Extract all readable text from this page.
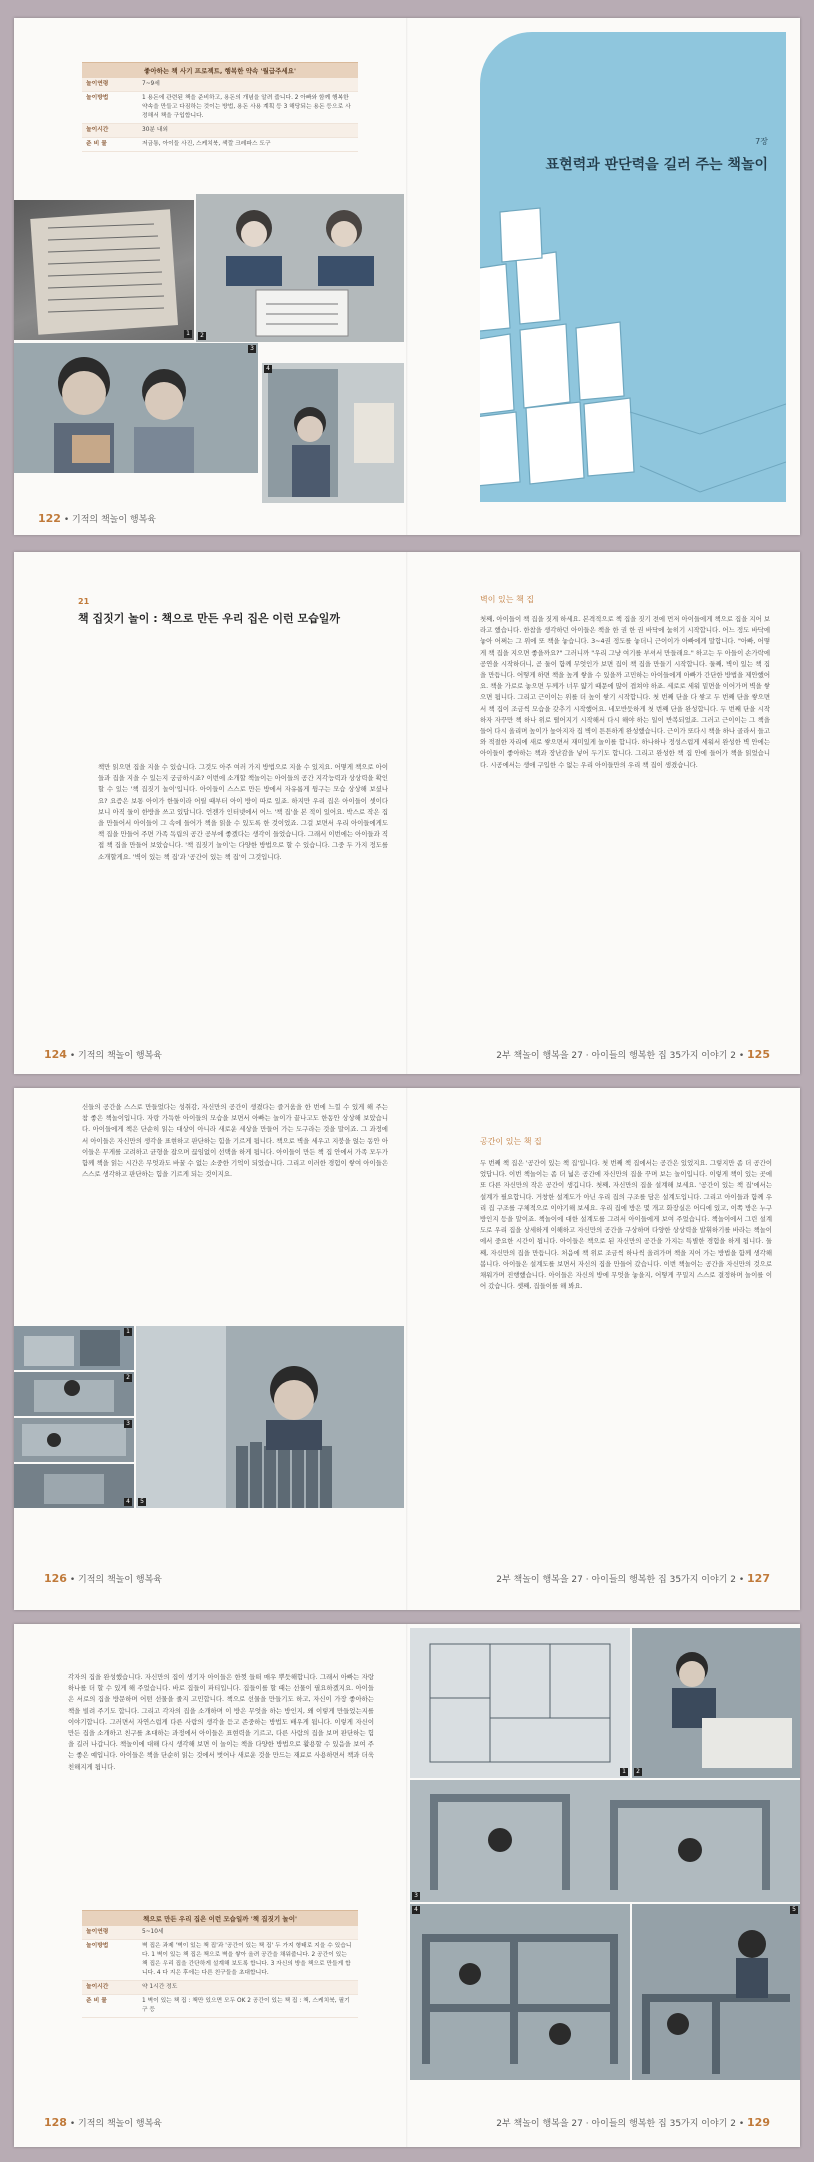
좋아하는 책 사기 프로젝트, 행복한 약속 '월급주세요'
놀이연령	7~9세
놀이방법	1 용돈에 관련된 책을 준비하고, 용돈의 개념을 알려 줍니다. 2 아빠와 함께 행복한 약속을 만들고 다짐하는 것이는 방법, 용돈 사용 계획 등 3 해당되는 용돈 등으로 사정해서 책을 구입합니다.
놀이시간	30분 내외
준 비 물	저금통, 아이들 사진, 스케치북, 색깔 크레파스 도구
1	2
3
4
122 • 기적의 책놀이 행복육
7장
표현력과 판단력을 길러 주는 책놀이
21
책 집짓기 놀이 : 책으로 만든 우리 집은 이런 모습일까
책만 읽으면 집을 지을 수 있습니다. 그것도 아주 여러 가지 방법으로 지을 수 있지요. 어떻게 책으로 아이들과 집을 지을 수 있는지 궁금하시죠? 이번에 소개할 책놀이는 아이들의 공간 지각능력과 상상력을 확인할 수 있는 '책 집짓기 놀이'입니다. 아이들이 스스로 만든 방에서 자유롭게 뒹구는 모습 상상해 보셨나요? 요즘은 보통 아이가 한둘이라 어릴 때부터 아이 방이 따로 있죠. 하지만 우리 집은 아이들이 셋이다 보니 아직 둘이 한방을 쓰고 있답니다. 언젠가 인터넷에서 어느 '책 집'을 본 적이 있어요. 박스로 작은 집을 만들어서 아이들이 그 속에 들어가 책을 읽을 수 있도록 한 것이었죠. 그걸 보면서 우리 아이들에게도 책 집을 만들어 주면 가족 독립의 공간 공부에 좋겠다는 생각이 들었습니다. 그래서 이번에는 아이들과 직접 책 집을 만들어 보았습니다. '책 집짓기 놀이'는 다양한 방법으로 할 수 있습니다. 그중 두 가지 정도를 소개할게요. '벽이 있는 책 집'과 '공간이 있는 책 집'이 그것입니다.
벽이 있는 책 집
첫째, 아이들이 책 집을 짓게 하세요. 본격적으로 책 집을 짓기 전에 먼저 아이들에게 책으로 집을 지어 보라고 했습니다. 한참을 생각하던 아이들은 책을 한 권 한 권 바닥에 눕히기 시작합니다. 어느 정도 바닥에 놓아 어쩌는 그 위에 또 책을 놓습니다. 3~4권 정도를 놓더니 근이이가 아빠에게 말합니다. "아빠, 어떻게 책 집을 지으면 좋을까요?" 그러니까 "우리 그냥 여기를 부셔서 만들래요." 하고는 두 아들이 손가락에 공연을 시작하더니, 곧 둘이 함께 무엇인가 보면 집이 책 집을 만들기 시작합니다. 둘째, 벽이 있는 책 집을 만듭니다. 어떻게 하면 책을 높게 쌓을 수 있을까 고민하는 아이들에게 아빠가 간단한 방법을 제안했어요. 책을 가로로 놓으면 두께가 너무 얇기 때문에 많이 겹쳐야 하죠. 세로로 세워 밑면을 이어가며 벽을 쌓으면 됩니다. 그리고 근이이는 위를 더 높이 쌓기 시작합니다. 첫 번째 단을 다 쌓고 두 번째 단을 쌓으면서 책 집이 조금씩 모습을 갖추기 시작했어요. 네모반듯하게 첫 번째 단을 완성합니다. 두 번째 단을 시작하자 자꾸만 책 하나 위로 떨어지기 시작해서 다시 해야 하는 일이 반복되었죠. 그러고 근이이는 그 책을 들어 다시 올리며 높이가 높아지자 집 벽이 튼튼하게 완성했습니다. 근이가 또다시 책을 하나 골라서 들고 와 적절한 자리에 새로 쌓으면서 재미있게 놀이를 합니다. 하나하나 정성스럽게 세워서 완성한 벽 안에는 아이들이 좋아하는 책과 장난감을 넣어 두기도 합니다. 그리고 완성한 책 집 안에 들어가 책을 읽었습니다. 시공에서는 생애 구입한 수 없는 우리 아이들만의 우리 책 집이 생겼습니다.
124 • 기적의 책놀이 행복육	2부 책놀이 행복을 27 · 아이들의 행복한 집 35가지 이야기 2 • 125
신들의 공간을 스스로 만들었다는 성취감, 자신만의 공간이 생겼다는 즐거움을 한 번에 느낄 수 있게 해 주는 참 좋은 책놀이입니다. 자랑 가득한 아이들의 모습을 보면서 아빠는 놀이가 끝나고도 한동안 상상해 보았습니다. 아이들에게 책은 단순히 읽는 대상이 아니라 새로운 세상을 만들어 가는 도구라는 것을 말이죠. 그 과정에서 아이들은 자신만의 생각을 표현하고 판단하는 힘을 기르게 됩니다. 책으로 벽을 세우고 지붕을 얹는 동안 아이들은 무게를 고려하고 균형을 잡으며 끊임없이 선택을 하게 됩니다. 아이들이 만든 책 집 안에서 가족 모두가 함께 책을 읽는 시간은 무엇과도 바꿀 수 없는 소중한 기억이 되었습니다. 그리고 이러한 경험이 쌓여 아이들은 스스로 생각하고 판단하는 힘을 기르게 되는 것이지요.
1
2
3
4	5
공간이 있는 책 집
두 번째 책 집은 '공간이 있는 책 집'입니다. 첫 번째 책 집에서는 공간은 있었지요. 그렇지만 좀 더 공간이었답니다. 이번 책놀이는 좀 더 넓은 공간에 자신만의 집을 꾸며 보는 놀이입니다. 이렇게 책이 있는 곳에 또 다른 자신만의 작은 공간이 생깁니다. 첫째, 자신만의 집을 설계해 보세요. '공간이 있는 책 집'에서는 설계가 필요합니다. 거창한 설계도가 아닌 우리 집의 구조를 담은 설계도입니다. 그리고 아이들과 함께 우리 집 구조를 구체적으로 이야기해 보세요. 우리 집에 방은 몇 개고 화장실은 어디에 있고, 이쪽 방은 누구 방인지 등을 말이죠. 책놀이에 대한 설계도를 그려서 아이들에게 보여 주었습니다. 책놀이에서 그린 설계도로 우리 집을 상세하게 이해하고 자신만의 공간을 구상하며 다양한 상상력을 발휘하기를 바라는 책놀이에서 중요한 시간이 됩니다. 아이들은 책으로 된 자신만의 공간을 가지는 특별한 경험을 하게 됩니다. 둘째, 자신만의 집을 만듭니다. 처음에 책 위로 조금씩 하나씩 올려가며 책을 지어 가는 방법을 함께 생각해 봅니다. 아이들은 설계도를 보면서 자신의 집을 만들어 갔습니다. 이번 책놀이는 공간을 자신만의 것으로 채워가며 진행했습니다. 아이들은 자신의 방에 무엇을 놓을지, 어떻게 꾸밀지 스스로 결정하며 놀이를 이어 갔습니다. 셋째, 집들이를 해 봐요.
126 • 기적의 책놀이 행복육	2부 책놀이 행복을 27 · 아이들의 행복한 집 35가지 이야기 2 • 127
각자의 집을 완성했습니다. 자신만의 집이 생기자 아이들은 한껏 들떠 매우 뿌듯해합니다. 그래서 아빠는 자랑 하나를 더 할 수 있게 해 주었습니다. 바로 집들이 파티입니다. 집들이를 할 때는 선물이 필요하겠지요. 아이들은 서로의 집을 방문하며 어떤 선물을 줄지 고민합니다. 책으로 선물을 만들기도 하고, 자신이 가장 좋아하는 책을 빌려 주기도 합니다. 그리고 각자의 집을 소개하며 이 방은 무엇을 하는 방인지, 왜 이렇게 만들었는지를 이야기합니다. 그러면서 자연스럽게 다른 사람의 생각을 듣고 존중하는 방법도 배우게 됩니다. 이렇게 자신이 만든 집을 소개하고 친구를 초대하는 과정에서 아이들은 표현력을 기르고, 다른 사람의 집을 보며 판단하는 힘을 길러 나갑니다. 책놀이에 대해 다시 생각해 보면 이 놀이는 책을 다양한 방법으로 활용할 수 있음을 보여 주는 좋은 예입니다. 아이들은 책을 단순히 읽는 것에서 벗어나 새로운 것을 만드는 재료로 사용하면서 책과 더욱 친해지게 됩니다.
책으로 만든 우리 집은 이런 모습일까 '책 집짓기 놀이'
놀이연령	5~10세
놀이방법	벽 집은 과제 '벽이 있는 책 집'과 '공간이 있는 책 집' 두 가지 형태로 지을 수 있습니다. 1 벽이 있는 책 집은 책으로 벽을 쌓아 올려 공간을 채워줍니다. 2 공간이 있는 책 집은 우리 집을 간단하게 설계해 보도록 합니다. 3 자신의 방을 책으로 만들게 합니다. 4 다 지은 후에는 다른 친구들을 초대합니다.
놀이시간	약 1시간 정도
준 비 물	1 벽이 있는 책 집 : 책만 있으면 모두 OK 2 공간이 있는 책 집 : 책, 스케치북, 필기구 등
1	2
3
4	5
128 • 기적의 책놀이 행복육	2부 책놀이 행복을 27 · 아이들의 행복한 집 35가지 이야기 2 • 129
